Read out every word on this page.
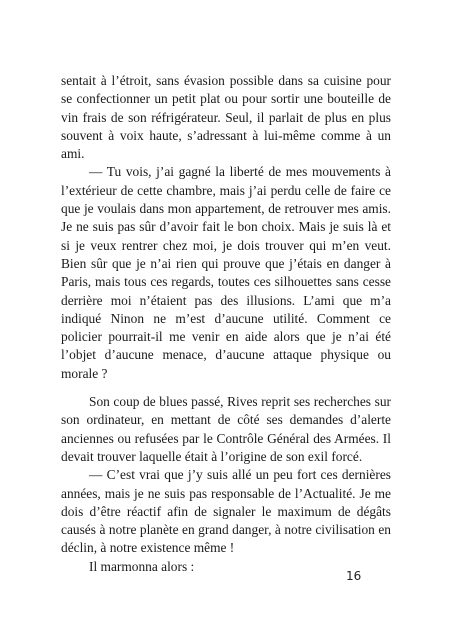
sentait à l’étroit, sans évasion possible dans sa cuisine pour se confectionner un petit plat ou pour sortir une bouteille de vin frais de son réfrigérateur. Seul, il parlait de plus en plus souvent à voix haute, s’adressant à lui-même comme à un ami.

— Tu vois, j’ai gagné la liberté de mes mouvements à l’extérieur de cette chambre, mais j’ai perdu celle de faire ce que je voulais dans mon appartement, de retrouver mes amis. Je ne suis pas sûr d’avoir fait le bon choix. Mais je suis là et si je veux rentrer chez moi, je dois trouver qui m’en veut. Bien sûr que je n’ai rien qui prouve que j’étais en danger à Paris, mais tous ces regards, toutes ces silhouettes sans cesse derrière moi n’étaient pas des illusions. L’ami que m’a indiqué Ninon ne m’est d’aucune utilité. Comment ce policier pourrait-il me venir en aide alors que je n’ai été l’objet d’aucune menace, d’aucune attaque physique ou morale ?

Son coup de blues passé, Rives reprit ses recherches sur son ordinateur, en mettant de côté ses demandes d’alerte anciennes ou refusées par le Contrôle Général des Armées. Il devait trouver laquelle était à l’origine de son exil forcé.

— C’est vrai que j’y suis allé un peu fort ces dernières années, mais je ne suis pas responsable de l’Actualité. Je me dois d’être réactif afin de signaler le maximum de dégâts causés à notre planète en grand danger, à notre civilisation en déclin, à notre existence même !

Il marmonna alors :

16
